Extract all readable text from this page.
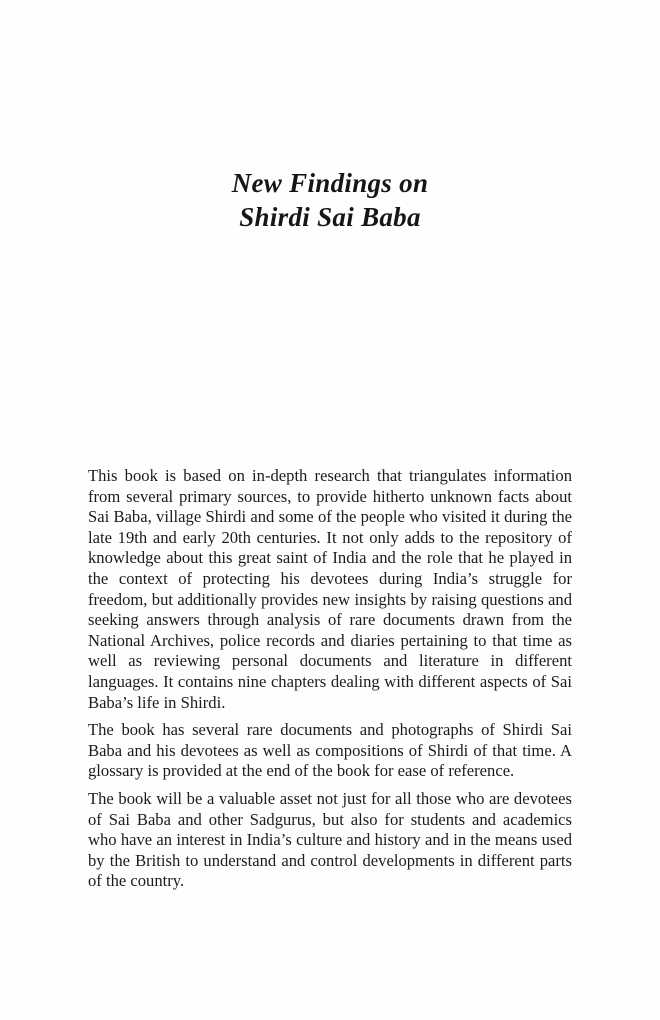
New Findings on
Shirdi Sai Baba

This book is based on in-depth research that triangulates information from several primary sources, to provide hitherto unknown facts about Sai Baba, village Shirdi and some of the people who visited it during the late 19th and early 20th centuries. It not only adds to the repository of knowledge about this great saint of India and the role that he played in the context of protecting his devotees during India’s struggle for freedom, but additionally provides new insights by raising questions and seeking answers through analysis of rare documents drawn from the National Archives, police records and diaries pertaining to that time as well as reviewing personal documents and literature in different languages. It contains nine chapters dealing with different aspects of Sai Baba’s life in Shirdi.

The book has several rare documents and photographs of Shirdi Sai Baba and his devotees as well as compositions of Shirdi of that time. A glossary is provided at the end of the book for ease of reference.

The book will be a valuable asset not just for all those who are devotees of Sai Baba and other Sadgurus, but also for students and academics who have an interest in India’s culture and history and in the means used by the British to understand and control developments in different parts of the country.
